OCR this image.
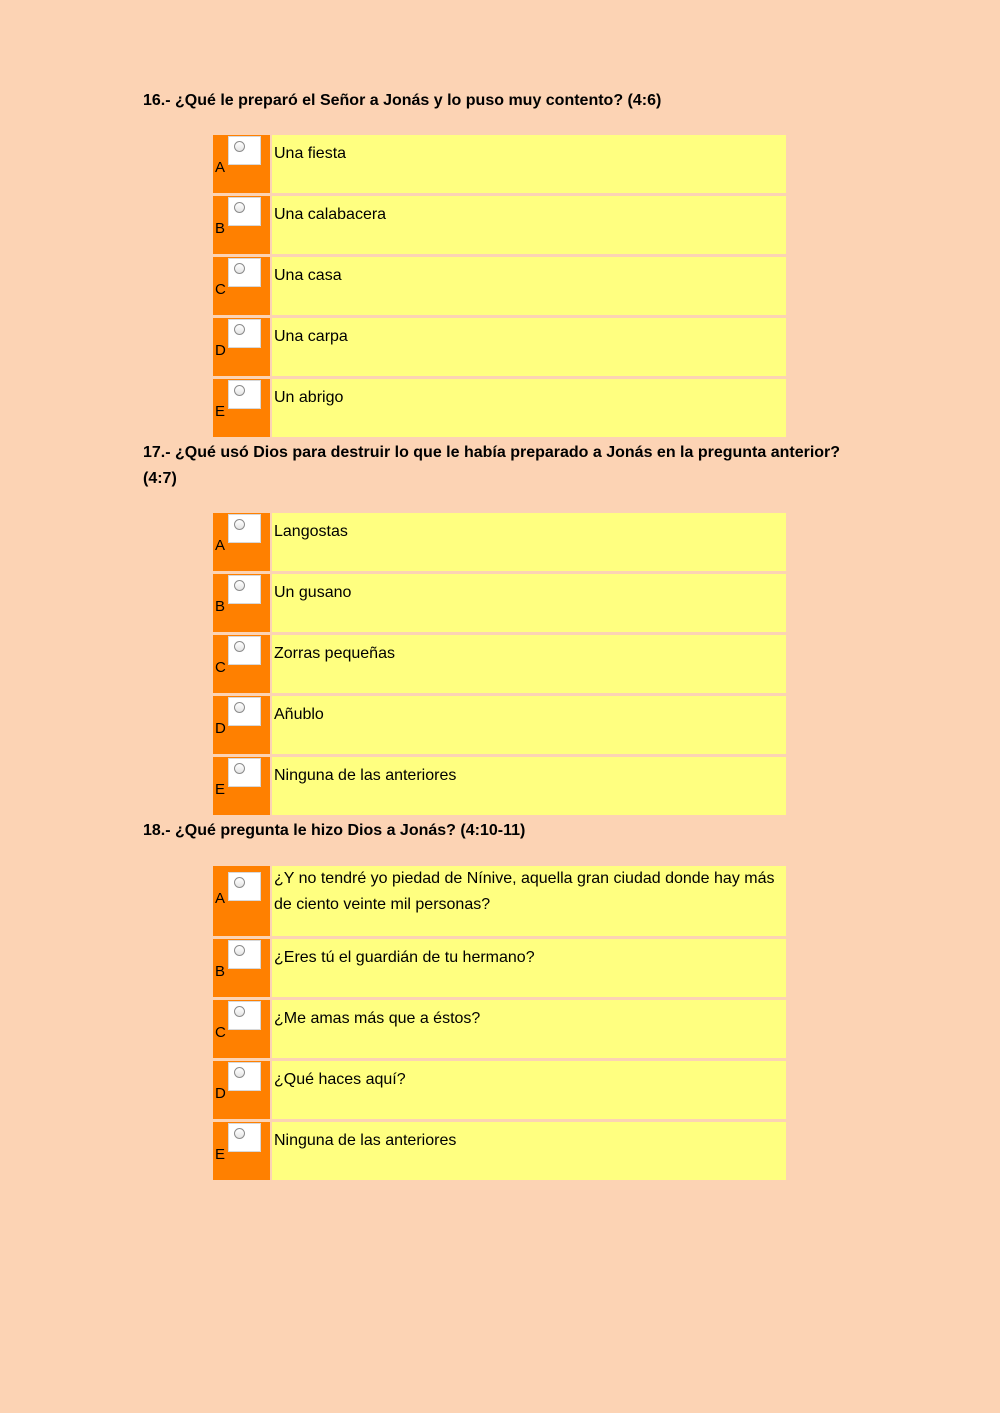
16.- ¿Qué le preparó el Señor a Jonás y lo puso muy contento? (4:6)
A
Una fiesta
B
Una calabacera
C
Una casa
D
Una carpa
E
Un abrigo
17.- ¿Qué usó Dios para destruir lo que le había preparado a Jonás en la pregunta anterior? (4:7)
A
Langostas
B
Un gusano
C
Zorras pequeñas
D
Añublo
E
Ninguna de las anteriores
18.- ¿Qué pregunta le hizo Dios a Jonás? (4:10-11)
A
¿Y no tendré yo piedad de Nínive, aquella gran ciudad donde hay más de ciento veinte mil personas?
B
¿Eres tú el guardián de tu hermano?
C
¿Me amas más que a éstos?
D
¿Qué haces aquí?
E
Ninguna de las anteriores
